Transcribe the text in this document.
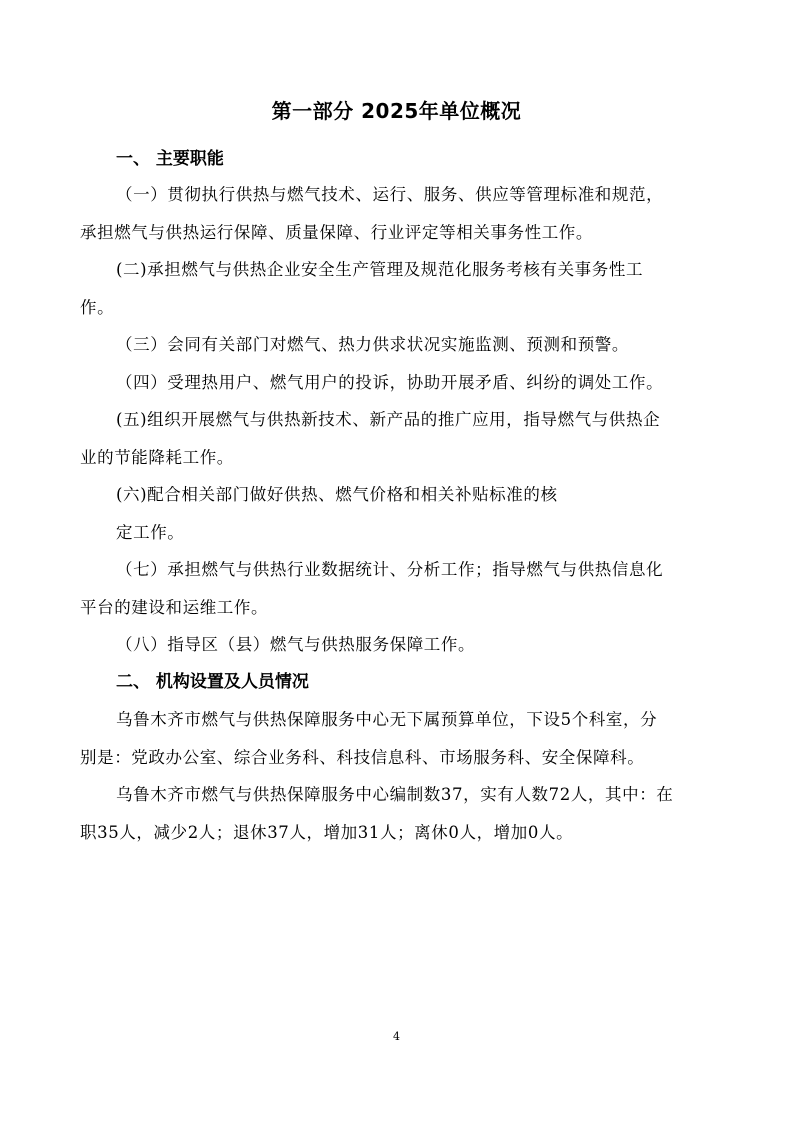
第一部分 2025年单位概况
一、 主要职能
（一）贯彻执行供热与燃气技术、运行、服务、供应等管理标准和规范，
承担燃气与供热运行保障、质量保障、行业评定等相关事务性工作。
(二)承担燃气与供热企业安全生产管理及规范化服务考核有关事务性工
作。
（三）会同有关部门对燃气、热力供求状况实施监测、预测和预警。
（四）受理热用户、燃气用户的投诉，协助开展矛盾、纠纷的调处工作。
(五)组织开展燃气与供热新技术、新产品的推广应用，指导燃气与供热企
业的节能降耗工作。
(六)配合相关部门做好供热、燃气价格和相关补贴标准的核
定工作。
（七）承担燃气与供热行业数据统计、分析工作；指导燃气与供热信息化
平台的建设和运维工作。
（八）指导区（县）燃气与供热服务保障工作。
二、 机构设置及人员情况
乌鲁木齐市燃气与供热保障服务中心无下属预算单位，下设5个科室，分
别是：党政办公室、综合业务科、科技信息科、市场服务科、安全保障科。
乌鲁木齐市燃气与供热保障服务中心编制数37，实有人数72人，其中：在
职35人，减少2人；退休37人，增加31人；离休0人，增加0人。
4
